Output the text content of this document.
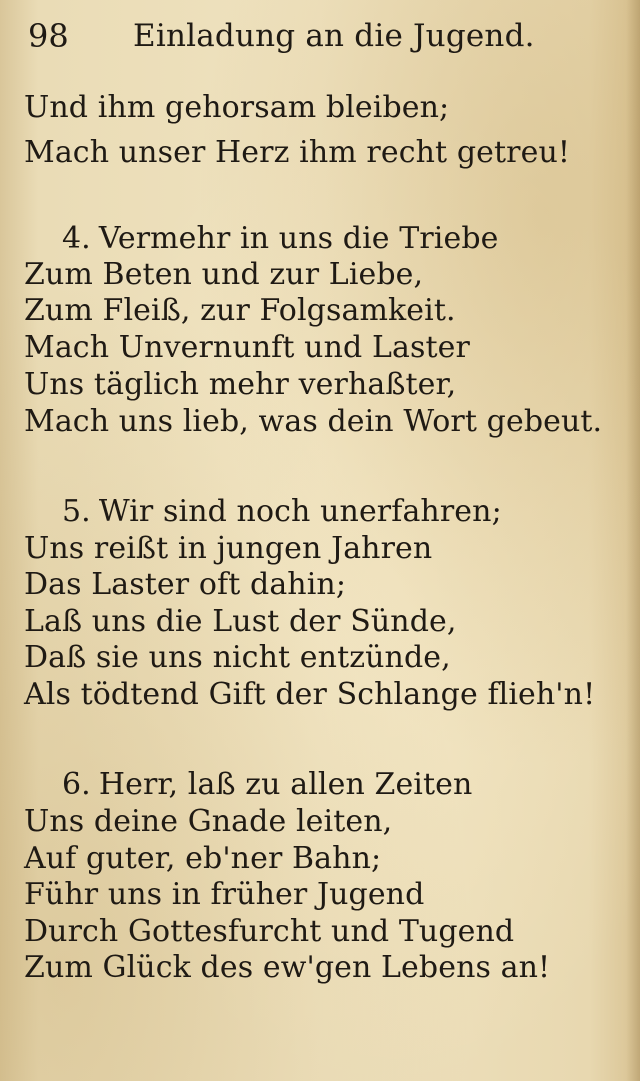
98 Einladung an die Jugend.
Und ihm gehorsam bleiben;
Mach unser Herz ihm recht getreu!
4. Vermehr in uns die Triebe
Zum Beten und zur Liebe,
Zum Fleiß, zur Folgsamkeit.
Mach Unvernunft und Laster
Uns täglich mehr verhaßter,
Mach uns lieb, was dein Wort gebeut.
5. Wir sind noch unerfahren;
Uns reißt in jungen Jahren
Das Laster oft dahin;
Laß uns die Lust der Sünde,
Daß sie uns nicht entzünde,
Als tödtend Gift der Schlange flieh'n!
6. Herr, laß zu allen Zeiten
Uns deine Gnade leiten,
Auf guter, eb'ner Bahn;
Führ uns in früher Jugend
Durch Gottesfurcht und Tugend
Zum Glück des ew'gen Lebens an!
